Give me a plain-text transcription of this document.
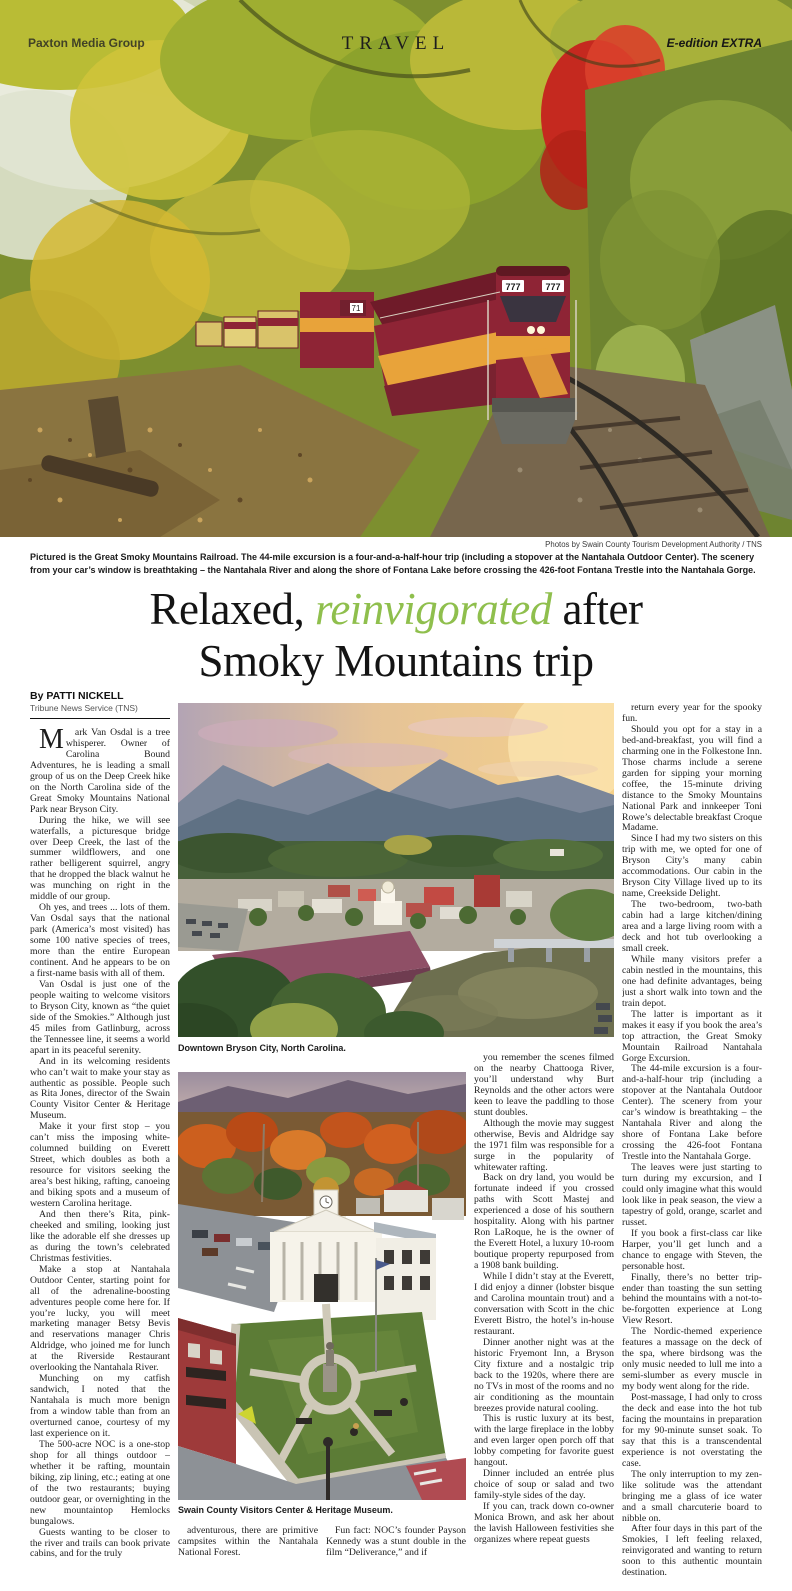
71
777	777
Paxton Media Group	TRAVEL	E-edition EXTRA
Photos by Swain County Tourism Development Authority / TNS
Pictured is the Great Smoky Mountains Railroad. The 44-mile excursion is a four-and-a-half-hour trip (including a stopover at the Nantahala Outdoor Center). The scenery from your car’s window is breathtaking – the Nantahala River and along the shore of Fontana Lake before crossing the 426-foot Fontana Trestle into the Nantahala Gorge.
Relaxed, reinvigorated after
Smoky Mountains trip
By PATTI NICKELL
Tribune News Service (TNS)

M ark Van Osdal is a tree whisperer. Owner of Carolina Bound Adventures, he is leading a small group of us on the Deep Creek hike on the North Carolina side of the Great Smoky Mountains National Park near Bryson City.

During the hike, we will see waterfalls, a picturesque bridge over Deep Creek, the last of the summer wildflowers, and one rather belligerent squirrel, angry that he dropped the black walnut he was munching on right in the middle of our group.

Oh yes, and trees ... lots of them. Van Osdal says that the national park (America’s most visited) has some 100 native species of trees, more than the entire European continent. And he appears to be on a first-name basis with all of them.

Van Osdal is just one of the people waiting to welcome visitors to Bryson City, known as “the quiet side of the Smokies.” Although just 45 miles from Gatlinburg, across the Tennessee line, it seems a world apart in its peaceful serenity.

And in its welcoming residents who can’t wait to make your stay as authentic as possible. People such as Rita Jones, director of the Swain County Visitor Center & Heritage Museum.

Make it your first stop – you can’t miss the imposing white-columned building on Everett Street, which doubles as both a resource for visitors seeking the area’s best hiking, rafting, canoeing and biking spots and a museum of western Carolina heritage.

And then there’s Rita, pink-cheeked and smiling, looking just like the adorable elf she dresses up as during the town’s celebrated Christmas festivities.

Make a stop at Nantahala Outdoor Center, starting point for all of the adrenaline-boosting adventures people come here for. If you’re lucky, you will meet marketing manager Betsy Bevis and reservations manager Chris Aldridge, who joined me for lunch at the Riverside Restaurant overlooking the Nantahala River.

Munching on my catfish sandwich, I noted that the Nantahala is much more benign from a window table than from an overturned canoe, courtesy of my last experience on it.

The 500-acre NOC is a one-stop shop for all things outdoor – whether it be rafting, mountain biking, zip lining, etc.; eating at one of the two restaurants; buying outdoor gear, or overnighting in the new mountaintop Hemlocks bungalows.

Guests wanting to be closer to the river and trails can book private cabins, and for the truly

adventurous, there are primitive campsites within the Nantahala National Forest.

Fun fact: NOC’s founder Payson Kennedy was a stunt double in the film “Deliverance,” and if

you remember the scenes filmed on the nearby Chattooga River, you’ll understand why Burt Reynolds and the other actors were keen to leave the paddling to those stunt doubles.

Although the movie may suggest otherwise, Bevis and Aldridge say the 1971 film was responsible for a surge in the popularity of whitewater rafting.

Back on dry land, you would be fortunate indeed if you crossed paths with Scott Mastej and experienced a dose of his southern hospitality. Along with his partner Ron LaRoque, he is the owner of the Everett Hotel, a luxury 10-room boutique property repurposed from a 1908 bank building.

While I didn’t stay at the Everett, I did enjoy a dinner (lobster bisque and Carolina mountain trout) and a conversation with Scott in the chic Everett Bistro, the hotel’s in-house restaurant.

Dinner another night was at the historic Fryemont Inn, a Bryson City fixture and a nostalgic trip back to the 1920s, where there are no TVs in most of the rooms and no air conditioning as the mountain breezes provide natural cooling.

This is rustic luxury at its best, with the large fireplace in the lobby and even larger open porch off that lobby competing for favorite guest hangout.

Dinner included an entrée plus choice of soup or salad and two family-style sides of the day.

If you can, track down co-owner Monica Brown, and ask her about the lavish Halloween festivities she organizes where repeat guests

return every year for the spooky fun.

Should you opt for a stay in a bed-and-breakfast, you will find a charming one in the Folkestone Inn. Those charms include a serene garden for sipping your morning coffee, the 15-minute driving distance to the Smoky Mountains National Park and innkeeper Toni Rowe’s delectable breakfast Croque Madame.

Since I had my two sisters on this trip with me, we opted for one of Bryson City’s many cabin accommodations. Our cabin in the Bryson City Village lived up to its name, Creekside Delight.

The two-bedroom, two-bath cabin had a large kitchen/dining area and a large living room with a deck and hot tub overlooking a small creek.

While many visitors prefer a cabin nestled in the mountains, this one had definite advantages, being just a short walk into town and the train depot.

The latter is important as it makes it easy if you book the area’s top attraction, the Great Smoky Mountain Railroad Nantahala Gorge Excursion.

The 44-mile excursion is a four-and-a-half-hour trip (including a stopover at the Nantahala Outdoor Center). The scenery from your car’s window is breathtaking – the Nantahala River and along the shore of Fontana Lake before crossing the 426-foot Fontana Trestle into the Nantahala Gorge.

The leaves were just starting to turn during my excursion, and I could only imagine what this would look like in peak season, the view a tapestry of gold, orange, scarlet and russet.

If you book a first-class car like Harper, you’ll get lunch and a chance to engage with Steven, the personable host.

Finally, there’s no better trip-ender than toasting the sun setting behind the mountains with a not-to-be-forgotten experience at Long View Resort.

The Nordic-themed experience features a massage on the deck of the spa, where birdsong was the only music needed to lull me into a semi-slumber as every muscle in my body went along for the ride.

Post-massage, I had only to cross the deck and ease into the hot tub facing the mountains in preparation for my 90-minute sunset soak. To say that this is a transcendental experience is not overstating the case.

The only interruption to my zen-like solitude was the attendant bringing me a glass of ice water and a small charcuterie board to nibble on.

After four days in this part of the Smokies, I left feeling relaxed, reinvigorated and wanting to return soon to this authentic mountain destination.

Downtown Bryson City, North Carolina.
Swain County Visitors Center & Heritage Museum.
